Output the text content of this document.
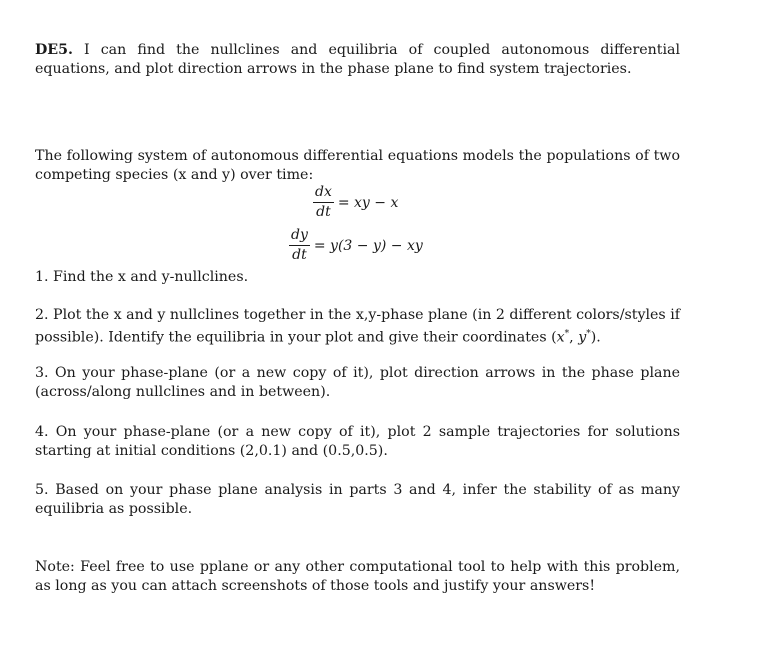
DE5. I can find the nullclines and equilibria of coupled autonomous differential equations, and plot direction arrows in the phase plane to find system trajectories.
The following system of autonomous differential equations models the populations of two competing species (x and y) over time:
$\frac{dx}{dt}$ = xy − x
$\frac{dy}{dt} = y(3 - y)$ − xy
1. Find the x and y-nullclines.
2. Plot the x and y nullclines together in the x,y-phase plane (in 2 different colors/styles if possible). Identify the equilibria in your plot and give their coordinates (x*, y*).
3. On your phase-plane (or a new copy of it), plot direction arrows in the phase plane (across/along nullclines and in between).
4. On your phase-plane (or a new copy of it), plot 2 sample trajectories for solutions starting at initial conditions (2,0.1) and (0.5,0.5).
5. Based on your phase plane analysis in parts 3 and 4, infer the stability of as many equilibria as possible.
Note: Feel free to use pplane or any other computational tool to help with this problem, as long as you can attach screenshots of those tools and justify your answers!
